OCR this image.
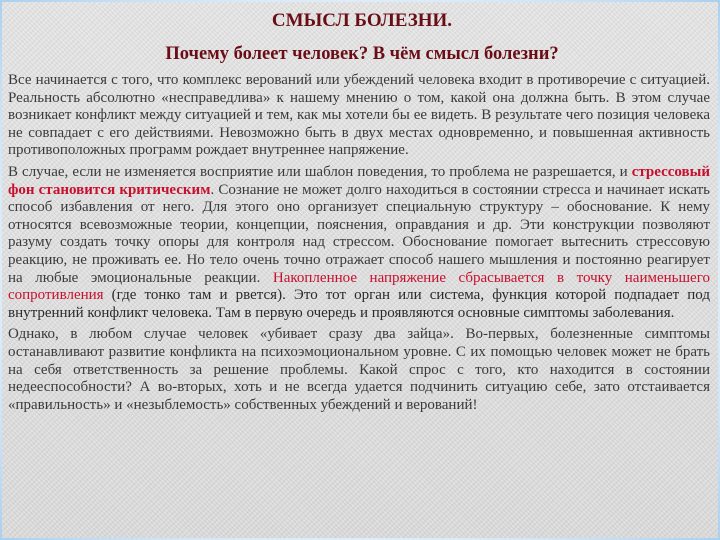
СМЫСЛ БОЛЕЗНИ.
Почему болеет человек? В чём смысл болезни?

Все начинается с того, что комплекс верований или убеждений человека входит в противоречие с ситуацией. Реальность абсолютно «несправедлива» к нашему мнению о том, какой она должна быть. В этом случае возникает конфликт между ситуацией и тем, как мы хотели бы ее видеть. В результате чего позиция человека не совпадает с его действиями. Невозможно быть в двух местах одновременно, и повышенная активность противоположных программ рождает внутреннее напряжение.

В случае, если не изменяется восприятие или шаблон поведения, то проблема не разрешается, и стрессовый фон становится критическим. Сознание не может долго находиться в состоянии стресса и начинает искать способ избавления от него. Для этого оно организует специальную структуру – обоснование. К нему относятся всевозможные теории, концепции, пояснения, оправдания и др. Эти конструкции позволяют разуму создать точку опоры для контроля над стрессом. Обоснование помогает вытеснить стрессовую реакцию, не проживать ее. Но тело очень точно отражает способ нашего мышления и постоянно реагирует на любые эмоциональные реакции. Накопленное напряжение сбрасывается в точку наименьшего сопротивления (где тонко там и рвется). Это тот орган или система, функция которой подпадает под внутренний конфликт человека. Там в первую очередь и проявляются основные симптомы заболевания.

Однако, в любом случае человек «убивает сразу два зайца». Во-первых, болезненные симптомы останавливают развитие конфликта на психоэмоциональном уровне. С их помощью человек может не брать на себя ответственность за решение проблемы. Какой спрос с того, кто находится в состоянии недееспособности? А во-вторых, хоть и не всегда удается подчинить ситуацию себе, зато отстаивается «правильность» и «незыблемость» собственных убеждений и верований!
